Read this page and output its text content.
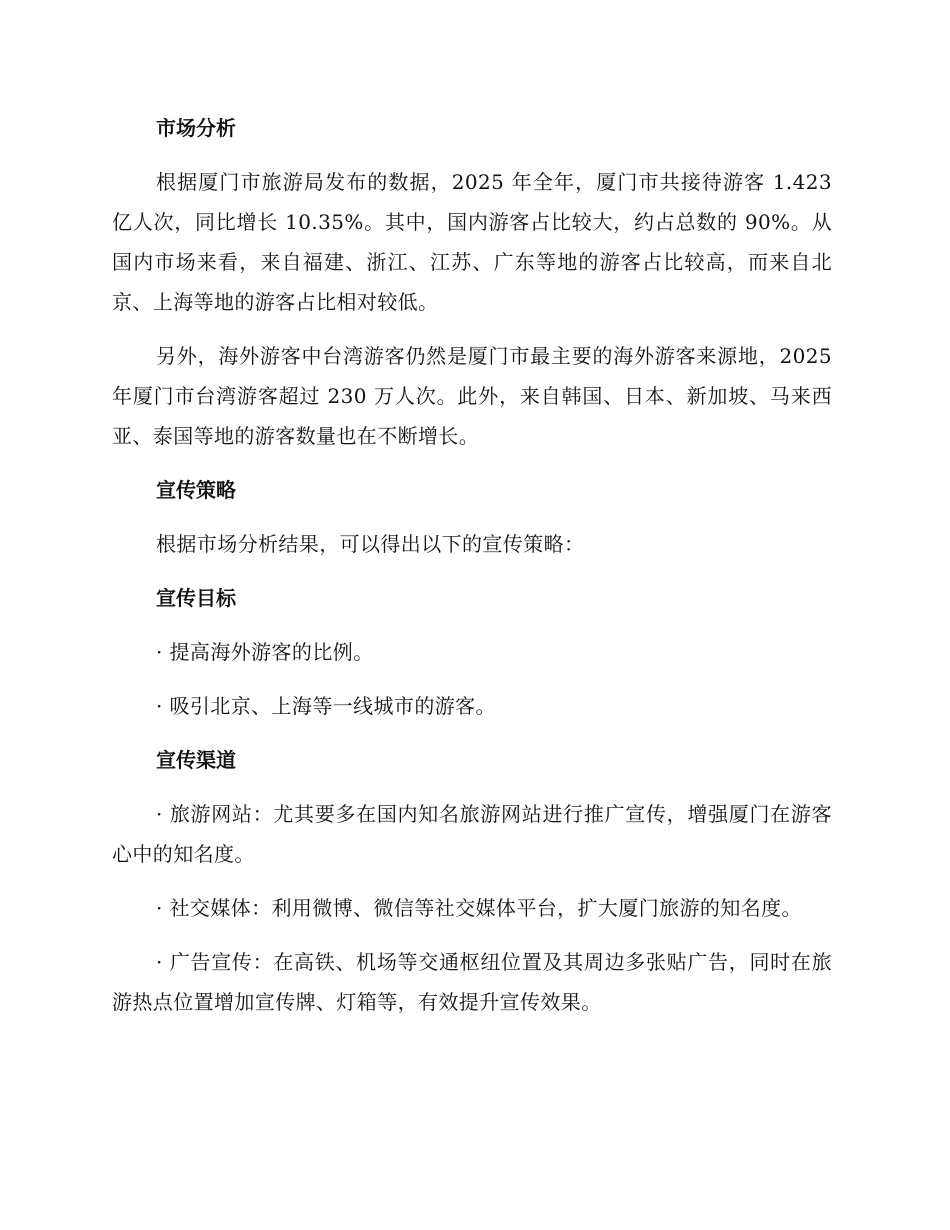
市场分析

根据厦门市旅游局发布的数据，2025 年全年，厦门市共接待游客 1.423 亿人次，同比增长 10.35%。其中，国内游客占比较大，约占总数的 90%。从国内市场来看，来自福建、浙江、江苏、广东等地的游客占比较高，而来自北京、上海等地的游客占比相对较低。

另外，海外游客中台湾游客仍然是厦门市最主要的海外游客来源地，2025 年厦门市台湾游客超过 230 万人次。此外，来自韩国、日本、新加坡、马来西亚、泰国等地的游客数量也在不断增长。

宣传策略

根据市场分析结果，可以得出以下的宣传策略：

宣传目标

· 提高海外游客的比例。

· 吸引北京、上海等一线城市的游客。

宣传渠道

· 旅游网站：尤其要多在国内知名旅游网站进行推广宣传，增强厦门在游客心中的知名度。

· 社交媒体：利用微博、微信等社交媒体平台，扩大厦门旅游的知名度。

· 广告宣传：在高铁、机场等交通枢纽位置及其周边多张贴广告，同时在旅游热点位置增加宣传牌、灯箱等，有效提升宣传效果。
